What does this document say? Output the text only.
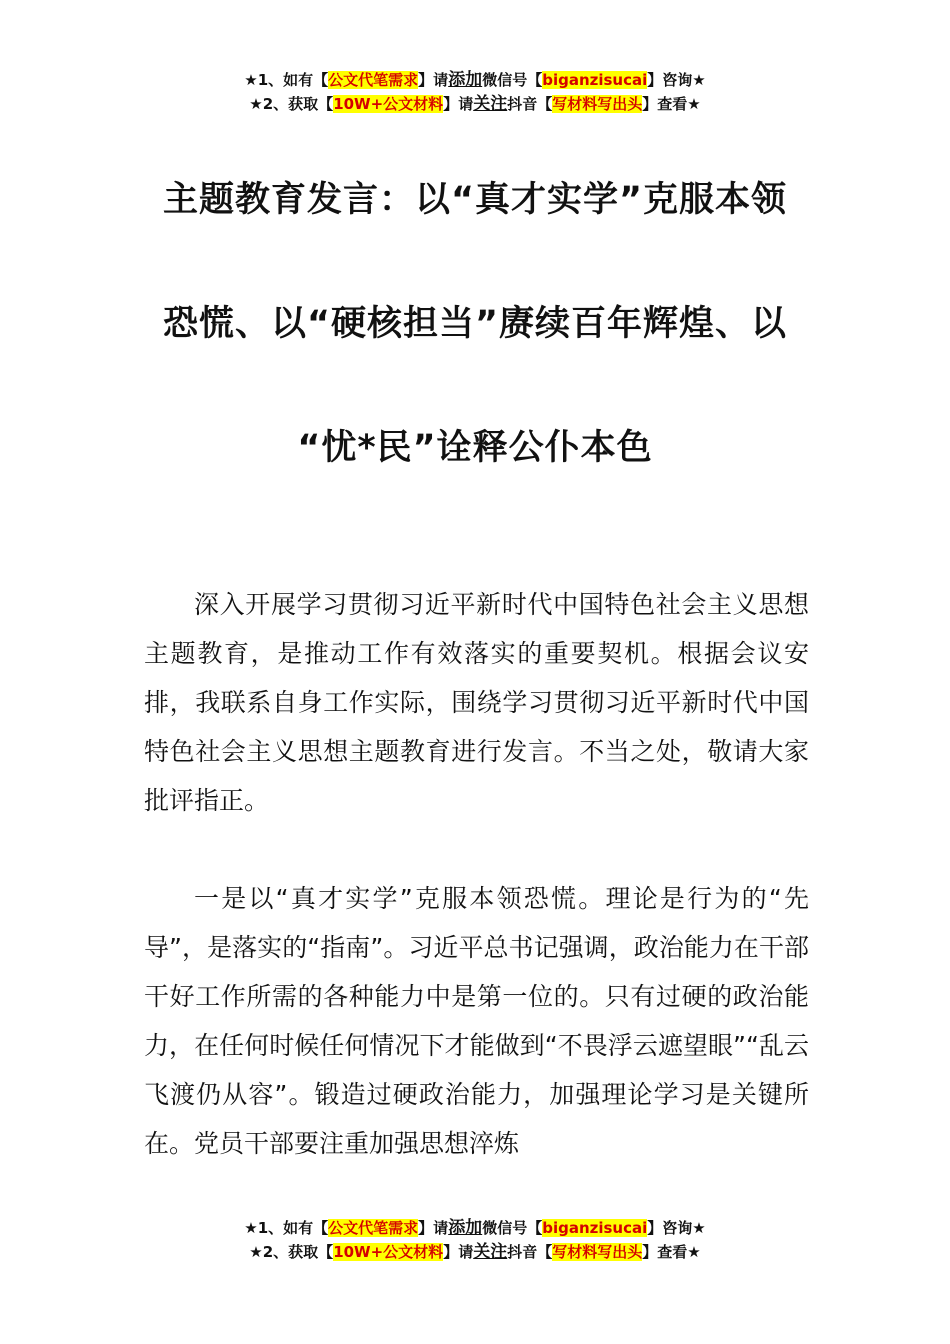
★1、如有【公文代笔需求】请添加微信号【biganzisucai】咨询★
★2、获取【10W+公文材料】请关注抖音【写材料写出头】查看★
主题教育发言：以“真才实学”克服本领
恐慌、以“硬核担当”赓续百年辉煌、以
“忧*民”诠释公仆本色

深入开展学习贯彻习近平新时代中国特色社会主义思想主题教育，是推动工作有效落实的重要契机。根据会议安排，我联系自身工作实际，围绕学习贯彻习近平新时代中国特色社会主义思想主题教育进行发言。不当之处，敬请大家批评指正。

一是以“真才实学”克服本领恐慌。理论是行为的“先导”，是落实的“指南”。习近平总书记强调，政治能力在干部干好工作所需的各种能力中是第一位的。只有过硬的政治能力，在任何时候任何情况下才能做到“不畏浮云遮望眼”“乱云飞渡仍从容”。锻造过硬政治能力，加强理论学习是关键所在。党员干部要注重加强思想淬炼

★1、如有【公文代笔需求】请添加微信号【biganzisucai】咨询★
★2、获取【10W+公文材料】请关注抖音【写材料写出头】查看★
